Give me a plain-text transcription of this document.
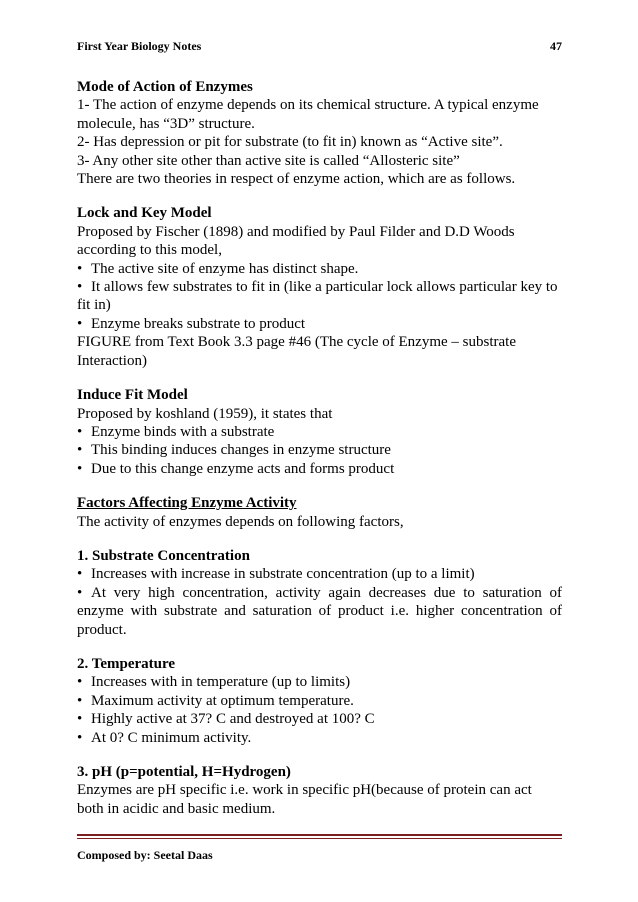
First Year Biology Notes	47
Mode of Action of Enzymes
1- The action of enzyme depends on its chemical structure. A typical enzyme
molecule, has “3D” structure.
2- Has depression or pit for substrate (to fit in) known as “Active site”.
3- Any other site other than active site is called “Allosteric site”
There are two theories in respect of enzyme action, which are as follows.
Lock and Key Model
Proposed by Fischer (1898) and modified by Paul Filder and D.D Woods
according to this model,
• The active site of enzyme has distinct shape.
• It allows few substrates to fit in (like a particular lock allows particular key to
fit in)
• Enzyme breaks substrate to product
FIGURE from Text Book 3.3 page #46 (The cycle of Enzyme – substrate
Interaction)
Induce Fit Model
Proposed by koshland (1959), it states that
• Enzyme binds with a substrate
• This binding induces changes in enzyme structure
• Due to this change enzyme acts and forms product
Factors Affecting Enzyme Activity
The activity of enzymes depends on following factors,
1. Substrate Concentration
• Increases with increase in substrate concentration (up to a limit)
• At very high concentration, activity again decreases due to saturation of
enzyme with substrate and saturation of product i.e. higher concentration of
product.
2. Temperature
• Increases with in temperature (up to limits)
• Maximum activity at optimum temperature.
• Highly active at 37? C and destroyed at 100? C
• At 0? C minimum activity.
3. pH (p=potential, H=Hydrogen)
Enzymes are pH specific i.e. work in specific pH(because of protein can act
both in acidic and basic medium.
Composed by: Seetal Daas
